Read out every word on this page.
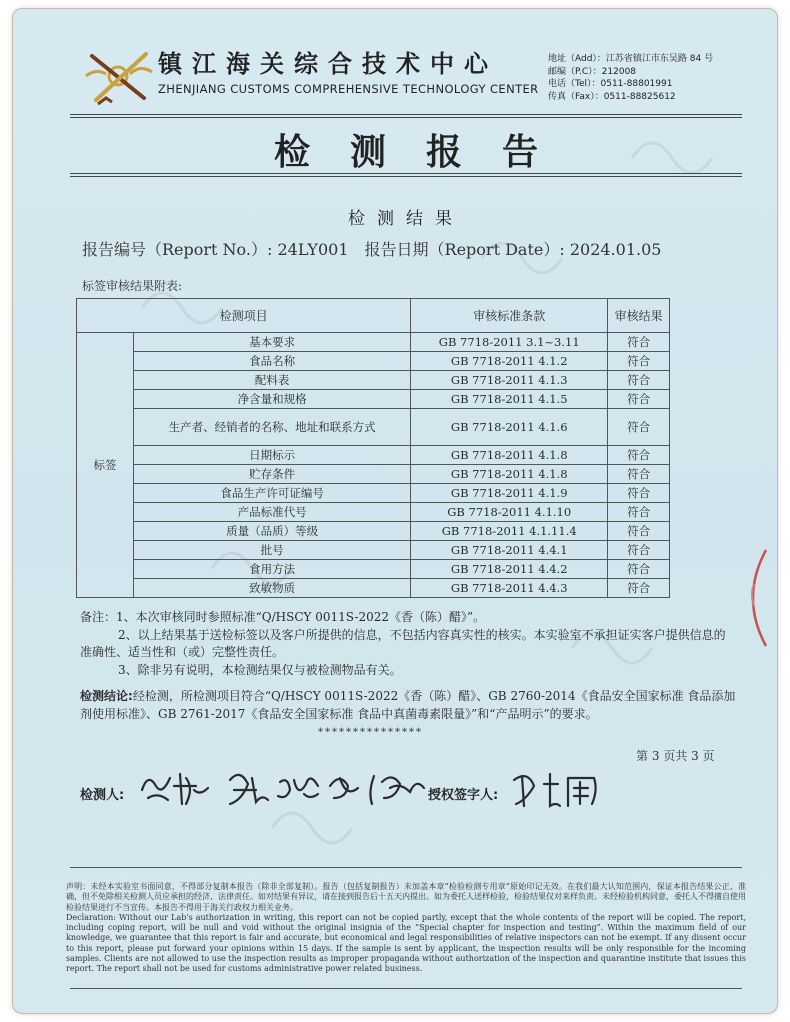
镇江海关综合技术中心
ZHENJIANG CUSTOMS COMPREHENSIVE TECHNOLOGY CENTER
地址（Add）：江苏省镇江市东吴路 84 号
邮编（P.C）：212008
电话（Tel）：0511-88801991
传真（Fax）：0511-88825612
检测报告
检测结果
报告编号（Report No.）: 24LY001　报告日期（Report Date）: 2024.01.05
标签审核结果附表:
检测项目		审核标准条款	审核结果
标签	基本要求	GB 7718-2011 3.1~3.11	符合
	食品名称	GB 7718-2011 4.1.2	符合
	配料表	GB 7718-2011 4.1.3	符合
	净含量和规格	GB 7718-2011 4.1.5	符合
	生产者、经销者的名称、地址和联系方式	GB 7718-2011 4.1.6	符合
	日期标示	GB 7718-2011 4.1.8	符合
	贮存条件	GB 7718-2011 4.1.8	符合
	食品生产许可证编号	GB 7718-2011 4.1.9	符合
	产品标准代号	GB 7718-2011 4.1.10	符合
	质量（品质）等级	GB 7718-2011 4.1.11.4	符合
	批号	GB 7718-2011 4.4.1	符合
	食用方法	GB 7718-2011 4.4.2	符合
	致敏物质	GB 7718-2011 4.4.3	符合

备注：1、本次审核同时参照标准“Q/HSCY 0011S-2022《香（陈）醋》”。

2、以上结果基于送检标签以及客户所提供的信息，不包括内容真实性的核实。本实验室不承担证实客户提供信息的准确性、适当性和（或）完整性责任。

3、除非另有说明，本检测结果仅与被检测物品有关。

检测结论:经检测，所检测项目符合“Q/HSCY 0011S-2022《香（陈）醋》、GB 2760-2014《食品安全国家标准 食品添加剂使用标准》、GB 2761-2017《食品安全国家标准 食品中真菌毒素限量》”和“产品明示”的要求。
***************
第 3 页共 3 页
检测人:	授权签字人:

声明：未经本实验室书面同意，不得部分复制本报告（除非全部复制）。报告（包括复制报告）未加盖本章“检验检测专用章”原始印记无效。在我们最大认知范围内，保证本报告结果公正、准确，但不免除相关检测人员应承担的经济、法律责任。如对结果有异议，请在接到报告后十五天内提出。如为委托人送样检验，检验结果仅对来样负责。未经检验机构同意，委托人不得擅自使用检验结果进行不当宣传。本报告不得用于海关行政权力相关业务。

Declaration: Without our Lab's authorization in writing, this report can not be copied partly, except that the whole contents of the report will be copied. The report, including coping report, will be null and void without the original insignia of the “Special chapter for inspection and testing”. Within the maximum field of our knowledge, we guarantee that this report is fair and accurate, but economical and legal responsibilities of relative inspectors can not be exempt. If any dissent occur to this report, please put forward your opinions within 15 days. If the sample is sent by applicant, the inspection results will be only responsible for the incoming samples. Clients are not allowed to use the inspection results as improper propaganda without authorization of the inspection and quarantine institute that issues this report. The report shall not be used for customs administrative power related business.
